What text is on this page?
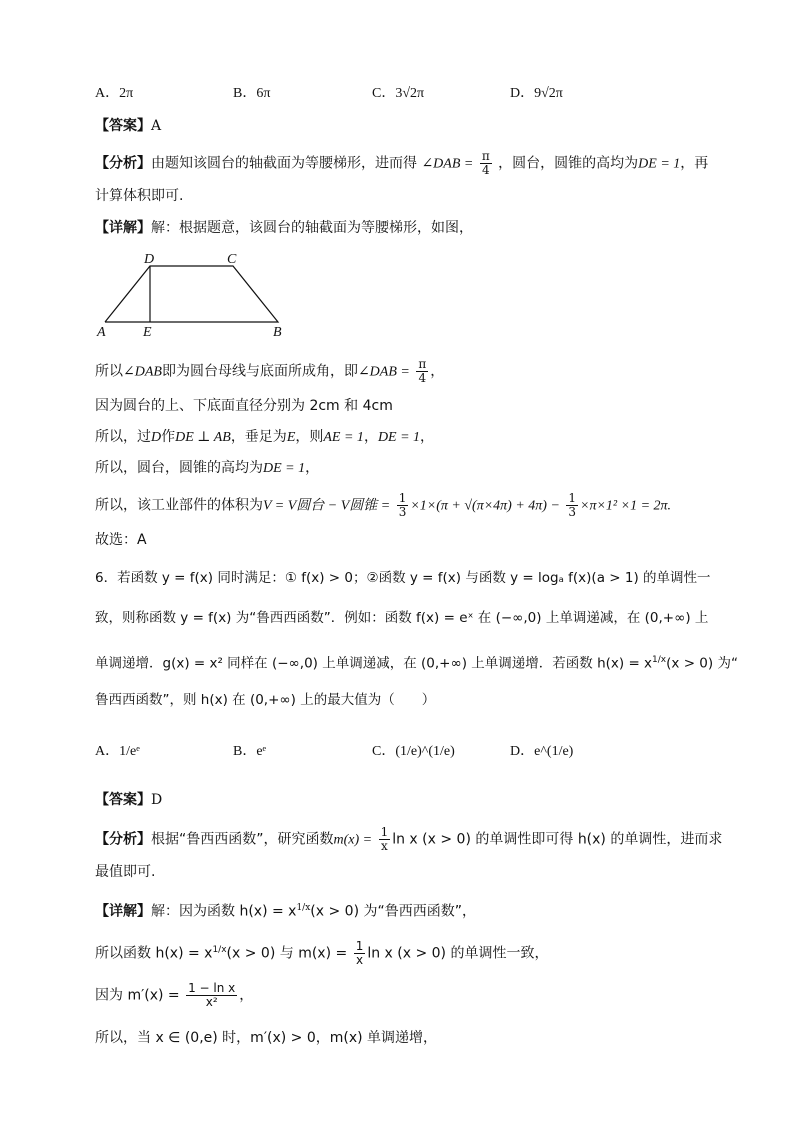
A．2π	B．6π	C．3√2π	D．9√2π
【答案】A
【分析】由题知该圆台的轴截面为等腰梯形，进而得 ∠DAB = $\frac{\pi}{4}$ ，圆台，圆锥的高均为DE = 1，再
计算体积即可.
【详解】解：根据题意，该圆台的轴截面为等腰梯形，如图，
D	C
A	E	B
所以∠DAB即为圆台母线与底面所成角，即∠DAB = $\frac{\pi}{4}$ ，
因为圆台的上、下底面直径分别为 2cm 和 4cm
所以，过D作DE ⊥ AB，垂足为E，则AE = 1，DE = 1，
所以，圆台，圆锥的高均为DE = 1，
所以，该工业部件的体积为V = V圆台 − V圆锥 = $\frac{1}{3} \times 1\times(\pi + √(\pi\times 4\pi) + 4\pi) - \frac{1}{3} \times\pi\times 1^2 \times 1 = 2\pi$.
故选：A
6．若函数 y = f(x) 同时满足：① f(x) > 0；②函数 y = f(x) 与函数 y = logₐ f(x)(a > 1) 的单调性一
致，则称函数 y = f(x) 为“鲁西西函数”．例如：函数 f(x) = eˣ 在 (−∞,0) 上单调递减，在 (0,+∞) 上
单调递增．g(x) = x² 同样在 (−∞,0) 上单调递减，在 (0,+∞) 上单调递增．若函数 $h(x) = x^{1/x}(x > 0)$ 为“
鲁西西函数”，则 h(x) 在 (0,+∞) 上的最大值为（　　）
A．1/eᵉ	B．eᵉ	C．(1/e)^(1/e)	D．e^(1/e)
【答案】D
【分析】根据“鲁西西函数”，研究函数$m(x) = \frac{1}{x}$ ln x (x > 0) 的单调性即可得 h(x) 的单调性，进而求
最值即可.
【详解】解：因为函数 $h(x) = x^{1/x}(x > 0)$ 为“鲁西西函数”，
所以函数 $h(x) = x^{1/x}(x > 0)$ 与 $m(x) = \frac{1}{x}$ ln x (x > 0) 的单调性一致，
因为 $m'(x) = \frac{\text{1 − ln x}}{\text{x²}}$ ，
所以，当 x ∈ (0,e) 时，m′(x) > 0，m(x) 单调递增，
